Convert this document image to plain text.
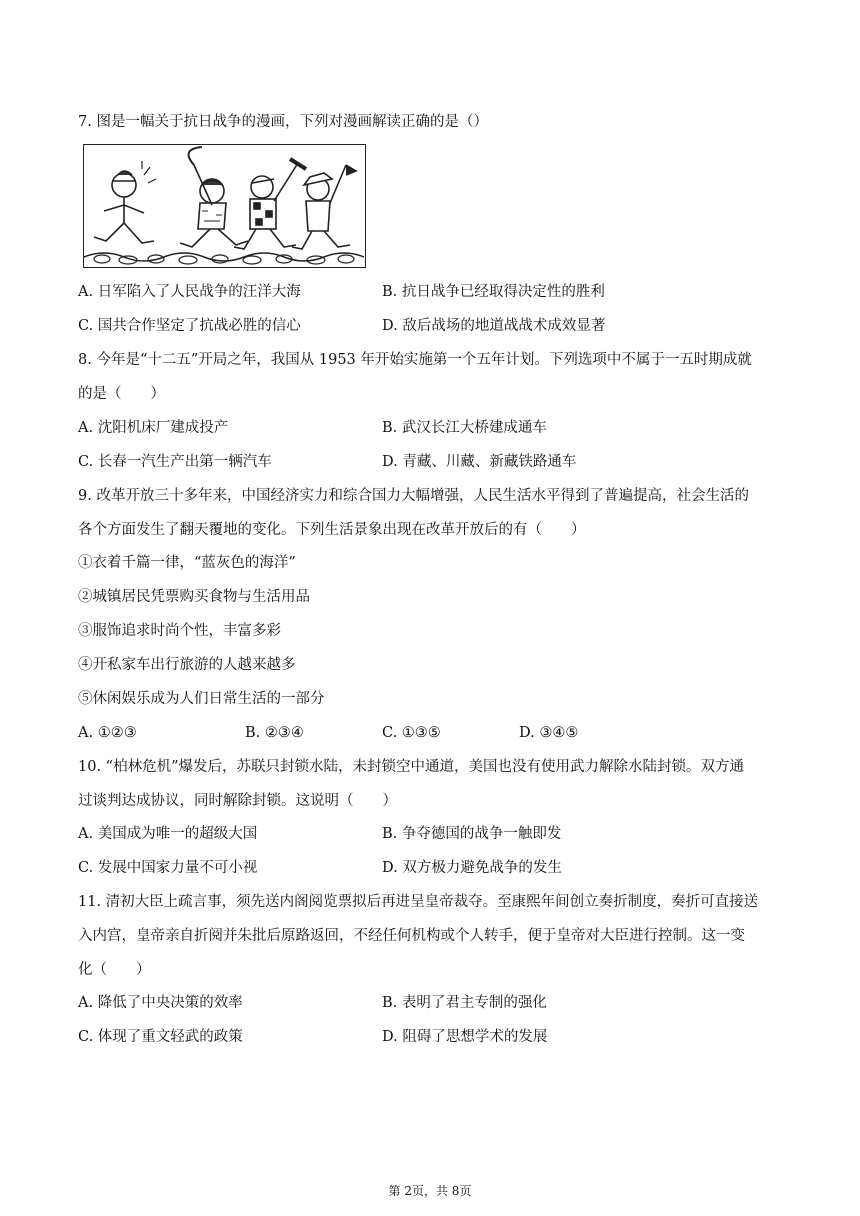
7. 图是一幅关于抗日战争的漫画，下列对漫画解读正确的是（）
A. 日军陷入了人民战争的汪洋大海	B. 抗日战争已经取得决定性的胜利
C. 国共合作坚定了抗战必胜的信心	D. 敌后战场的地道战战术成效显著
8. 今年是“十二五”开局之年，我国从 1953 年开始实施第一个五年计划。下列选项中不属于一五时期成就
的是（　　）
A. 沈阳机床厂建成投产	B. 武汉长江大桥建成通车
C. 长春一汽生产出第一辆汽车	D. 青藏、川藏、新藏铁路通车
9. 改革开放三十多年来，中国经济实力和综合国力大幅增强，人民生活水平得到了普遍提高，社会生活的
各个方面发生了翻天覆地的变化。下列生活景象出现在改革开放后的有（　　）
①衣着千篇一律，“蓝灰色的海洋”
②城镇居民凭票购买食物与生活用品
③服饰追求时尚个性，丰富多彩
④开私家车出行旅游的人越来越多
⑤休闲娱乐成为人们日常生活的一部分
A. ①②③	B. ②③④	C. ①③⑤	D. ③④⑤
10. “柏林危机”爆发后，苏联只封锁水陆，未封锁空中通道，美国也没有使用武力解除水陆封锁。双方通
过谈判达成协议，同时解除封锁。这说明（　　）
A. 美国成为唯一的超级大国	B. 争夺德国的战争一触即发
C. 发展中国家力量不可小视	D. 双方极力避免战争的发生
11. 清初大臣上疏言事，须先送内阁阅览票拟后再进呈皇帝裁夺。至康熙年间创立奏折制度，奏折可直接送
入内宫，皇帝亲自折阅并朱批后原路返回，不经任何机构或个人转手，便于皇帝对大臣进行控制。这一变
化（　　）
A. 降低了中央决策的效率	B. 表明了君主专制的强化
C. 体现了重文轻武的政策	D. 阻碍了思想学术的发展
第 2页，共 8页
